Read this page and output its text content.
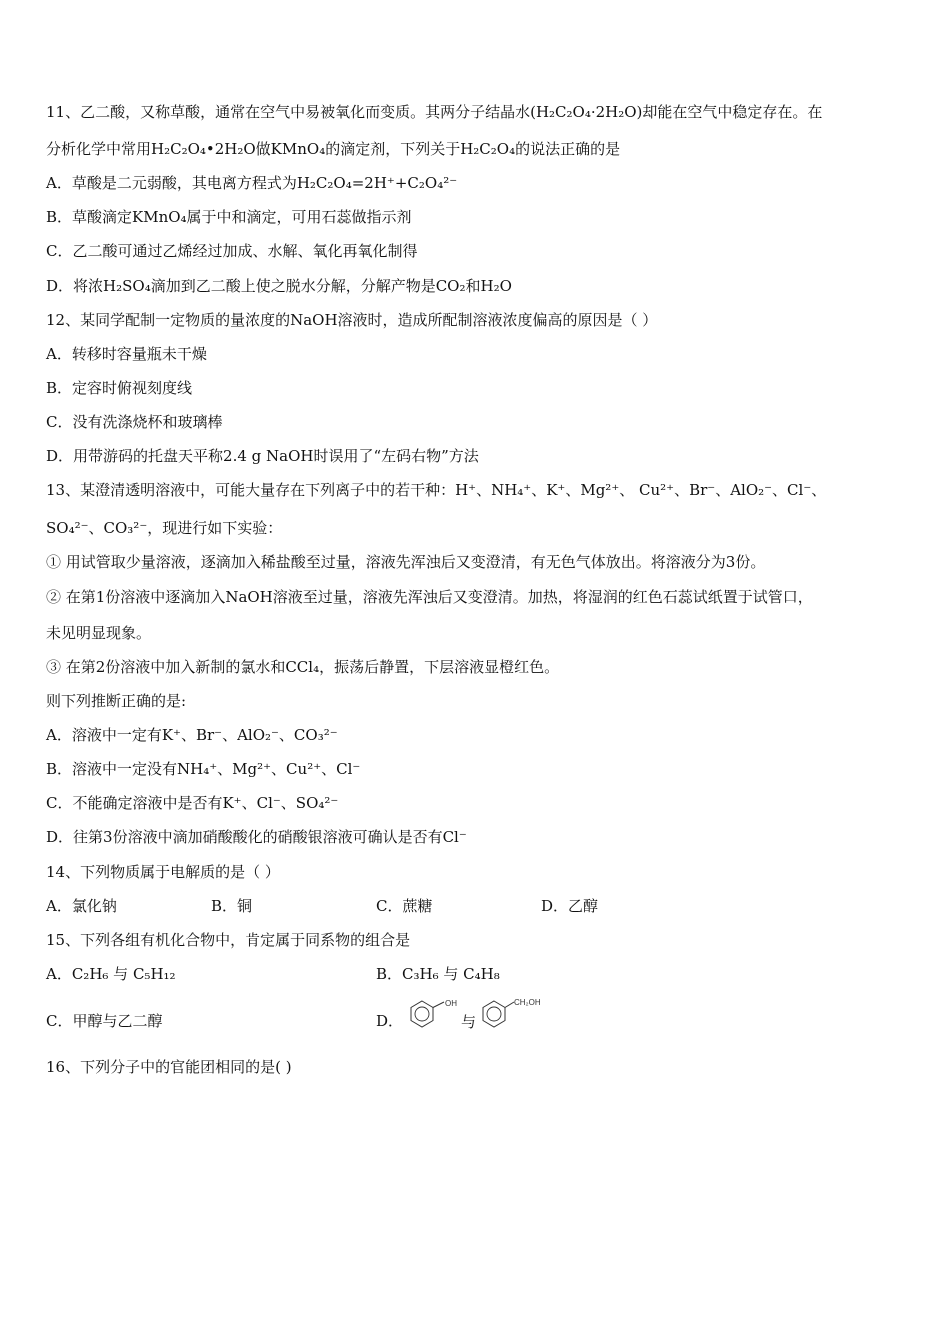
11、乙二酸，又称草酸，通常在空气中易被氧化而变质。其两分子结晶水(H₂C₂O₄·2H₂O)却能在空气中稳定存在。在
分析化学中常用H₂C₂O₄•2H₂O做KMnO₄的滴定剂，下列关于H₂C₂O₄的说法正确的是
A．草酸是二元弱酸，其电离方程式为H₂C₂O₄=2H⁺+C₂O₄²⁻
B．草酸滴定KMnO₄属于中和滴定，可用石蕊做指示剂
C．乙二酸可通过乙烯经过加成、水解、氧化再氧化制得
D．将浓H₂SO₄滴加到乙二酸上使之脱水分解，分解产物是CO₂和H₂O
12、某同学配制一定物质的量浓度的NaOH溶液时，造成所配制溶液浓度偏高的原因是（ ）
A．转移时容量瓶未干燥
B．定容时俯视刻度线
C．没有洗涤烧杯和玻璃棒
D．用带游码的托盘天平称2.4 g NaOH时误用了“左码右物”方法
13、某澄清透明溶液中，可能大量存在下列离子中的若干种：H⁺、NH₄⁺、K⁺、Mg²⁺、 Cu²⁺、Br⁻、AlO₂⁻、Cl⁻、
SO₄²⁻、CO₃²⁻，现进行如下实验：
① 用试管取少量溶液，逐滴加入稀盐酸至过量，溶液先浑浊后又变澄清，有无色气体放出。将溶液分为3份。
② 在第1份溶液中逐滴加入NaOH溶液至过量，溶液先浑浊后又变澄清。加热，将湿润的红色石蕊试纸置于试管口，
未见明显现象。
③ 在第2份溶液中加入新制的氯水和CCl₄，振荡后静置，下层溶液显橙红色。
则下列推断正确的是:
A．溶液中一定有K⁺、Br⁻、AlO₂⁻、CO₃²⁻
B．溶液中一定没有NH₄⁺、Mg²⁺、Cu²⁺、Cl⁻
C．不能确定溶液中是否有K⁺、Cl⁻、SO₄²⁻
D．往第3份溶液中滴加硝酸酸化的硝酸银溶液可确认是否有Cl⁻
14、下列物质属于电解质的是（ ）
A．氯化钠	B．铜	C．蔗糖	D．乙醇
15、下列各组有机化合物中，肯定属于同系物的组合是
A．C₂H₆ 与 C₅H₁₂	B．C₃H₆ 与 C₄H₈
C．甲醇与乙二醇	D．
OH
与
CH₂OH
16、下列分子中的官能团相同的是( )
